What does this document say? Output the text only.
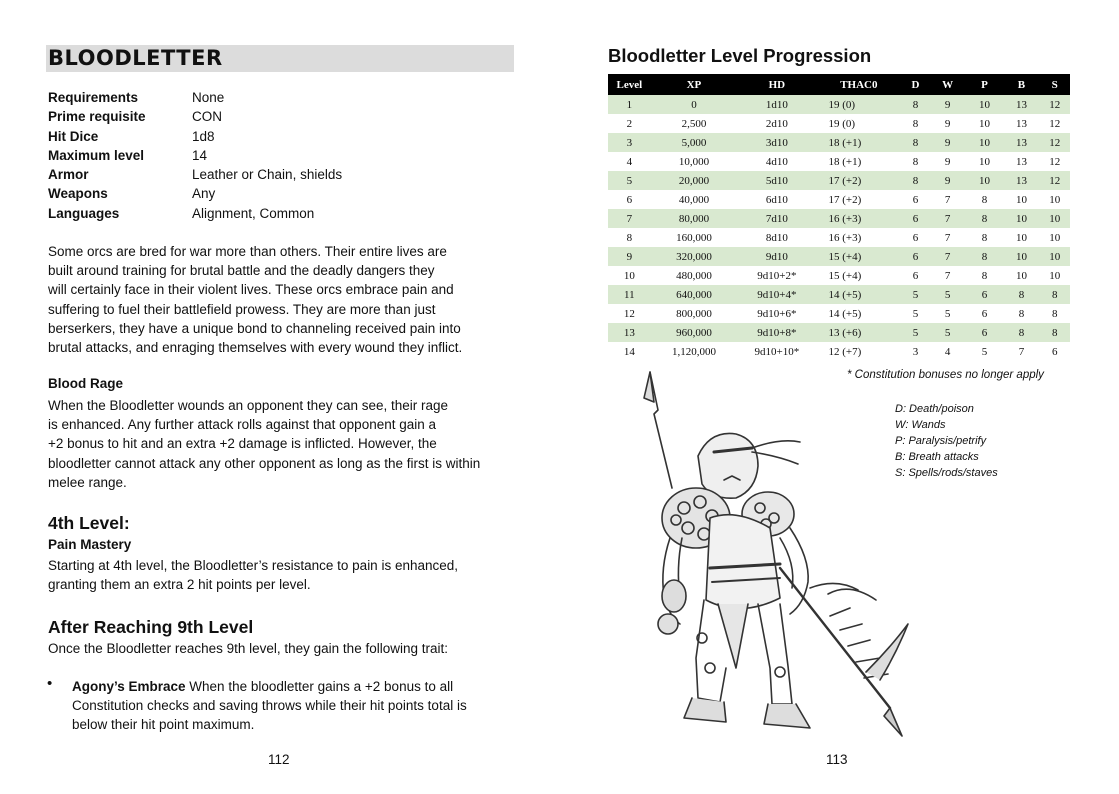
BLOODLETTER
Requirements	None
Prime requisite	CON
Hit Dice	1d8
Maximum level	14
Armor	Leather or Chain, shields
Weapons	Any
Languages	Alignment, Common

Some orcs are bred for war more than others. Their entire lives are

built around training for brutal battle and the deadly dangers they

will certainly face in their violent lives. These orcs embrace pain and

suffering to fuel their battlefield prowess. They are more than just

berserkers, they have a unique bond to channeling received pain into

brutal attacks, and enraging themselves with every wound they inflict.

Blood Rage

When the Bloodletter wounds an opponent they can see, their rage

is enhanced. Any further attack rolls against that opponent gain a

+2 bonus to hit and an extra +2 damage is inflicted. However, the

bloodletter cannot attack any other opponent as long as the first is within

melee range.

4th Level:
Pain Mastery

Starting at 4th level, the Bloodletter’s resistance to pain is enhanced,

granting them an extra 2 hit points per level.

After Reaching 9th Level

Once the Bloodletter reaches 9th level, they gain the following trait:

• Agony’s Embrace When the bloodletter gains a +2 bonus to all

Constitution checks and saving throws while their hit points total is

below their hit point maximum.

112
Bloodletter Level Progression
Level	XP	HD	THAC0	D	W	P	B	S
1	0	1d10	19 (0)	8	9	10	13	12
2	2,500	2d10	19 (0)	8	9	10	13	12
3	5,000	3d10	18 (+1)	8	9	10	13	12
4	10,000	4d10	18 (+1)	8	9	10	13	12
5	20,000	5d10	17 (+2)	8	9	10	13	12
6	40,000	6d10	17 (+2)	6	7	8	10	10
7	80,000	7d10	16 (+3)	6	7	8	10	10
8	160,000	8d10	16 (+3)	6	7	8	10	10
9	320,000	9d10	15 (+4)	6	7	8	10	10
10	480,000	9d10+2*	15 (+4)	6	7	8	10	10
11	640,000	9d10+4*	14 (+5)	5	5	6	8	8
12	800,000	9d10+6*	14 (+5)	5	5	6	8	8
13	960,000	9d10+8*	13 (+6)	5	5	6	8	8
14	1,120,000	9d10+10*	12 (+7)	3	4	5	7	6
* Constitution bonuses no longer apply
D: Death/poison
W: Wands
P: Paralysis/petrify
B: Breath attacks
S: Spells/rods/staves
113
